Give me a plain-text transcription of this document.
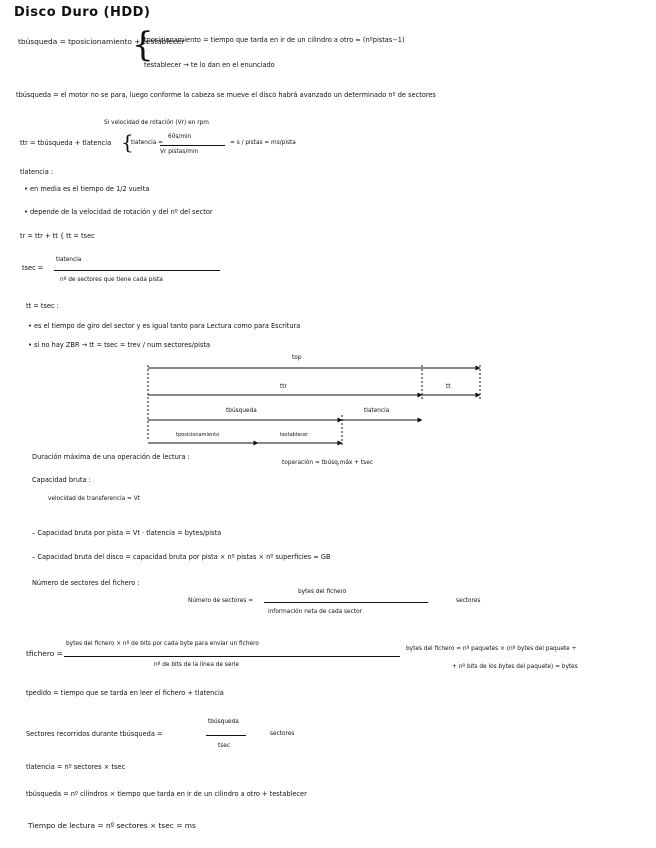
Disco Duro (HDD)
tbúsqueda = tposicionamiento + testablecer
{
tposicionamiento = tiempo que tarda en ir de un cilindro a otro ≈ (nºpistas−1)
testablecer → te lo dan en el enunciado
tbúsqueda = el motor no se para, luego conforme la cabeza se mueve el disco habrá avanzado un determinado nº de sectores
Si velocidad de rotación (Vr) en rpm
ttr = tbúsqueda + tlatencia {
tlatencia =
60s/min
Vr pistas/min
= s / pistas = ms/pista
tlatencia :
• en media es el tiempo de 1/2 vuelta
• depende de la velocidad de rotación y del nº del sector
tr = ttr + tt { tt = tsec
tsec =
tlatencia
nº de sectores que tiene cada pista
tt = tsec :
• es el tiempo de giro del sector y es igual tanto para Lectura como para Escritura
• si no hay ZBR → tt = tsec = trev / num sectores/pista
top
ttr	tt
tbúsqueda	tlatencia
tposicionamiento	testablecer
Duración máxima de una operación de lectura :
toperación = tbúsq,máx + tsec
Capacidad bruta :
velocidad de transferencia = Vt
– Capacidad bruta por pista = Vt · tlatencia = bytes/pista
– Capacidad bruta del disco = capacidad bruta por pista × nº pistas × nº superficies ≈ GB
Número de sectores del fichero :
Número de sectores =
bytes del fichero
información neta de cada sector
sectores
tfichero =
bytes del fichero × nº de bits por cada byte para enviar un fichero
nº de bits de la línea de serie
bytes del fichero = nº paquetes × (nº bytes del paquete +
+ nº bits de los bytes del paquete) = bytes
tpedido = tiempo que se tarda en leer el fichero + tlatencia
Sectores recorridos durante tbúsqueda =
tbúsqueda
tsec
sectores
tlatencia = nº sectores × tsec
tbúsqueda = nº cilindros × tiempo que tarda en ir de un cilindro a otro + testablecer
Tiempo de lectura = nº sectores × tsec = ms
